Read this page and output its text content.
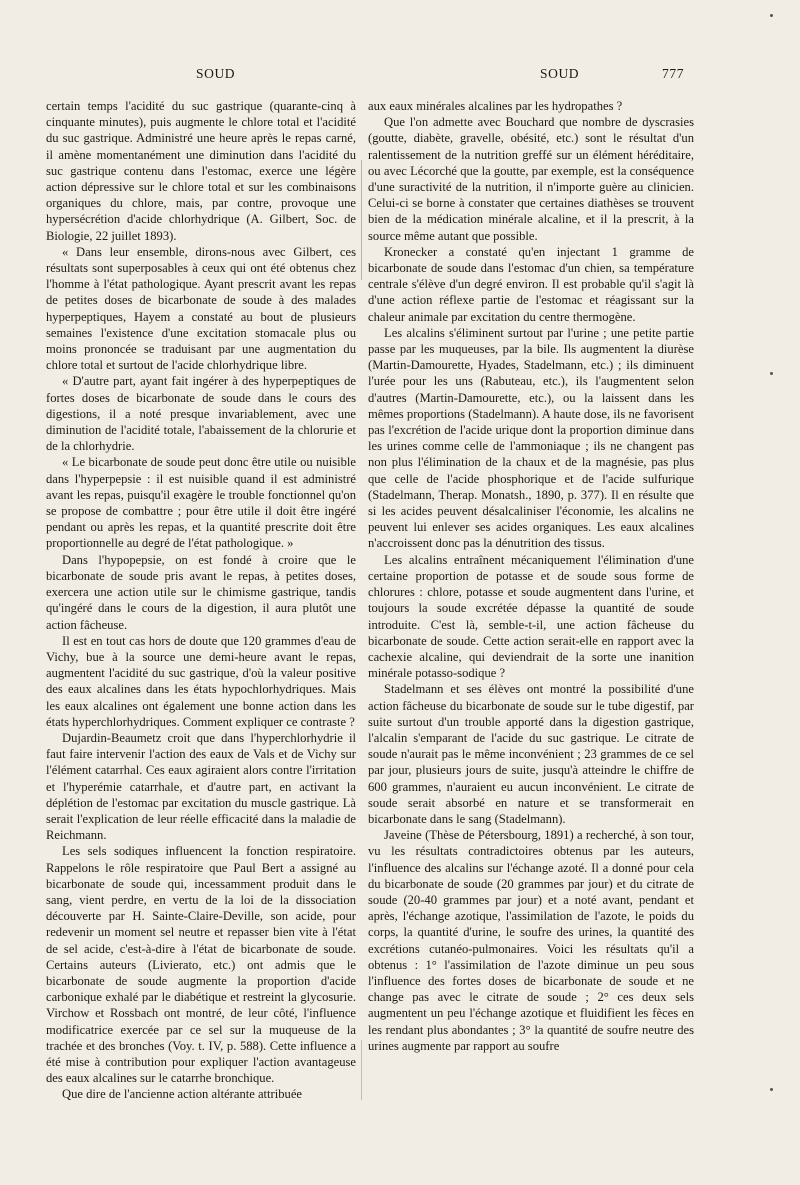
SOUD	SOUD	777

certain temps l'acidité du suc gastrique (quarante-cinq à cinquante minutes), puis augmente le chlore total et l'acidité du suc gastrique. Administré une heure après le repas carné, il amène momentanément une diminution dans l'acidité du suc gastrique contenu dans l'estomac, exerce une légère action dépressive sur le chlore total et sur les combinaisons organiques du chlore, mais, par contre, provoque une hypersécrétion d'acide chlorhydrique (A. Gilbert, Soc. de Biologie, 22 juillet 1893).

« Dans leur ensemble, dirons-nous avec Gilbert, ces résultats sont superposables à ceux qui ont été obtenus chez l'homme à l'état pathologique. Ayant prescrit avant les repas de petites doses de bicarbonate de soude à des malades hyperpeptiques, Hayem a constaté au bout de plusieurs semaines l'existence d'une excitation stomacale plus ou moins prononcée se traduisant par une augmentation du chlore total et surtout de l'acide chlorhydrique libre.

« D'autre part, ayant fait ingérer à des hyperpeptiques de fortes doses de bicarbonate de soude dans le cours des digestions, il a noté presque invariablement, avec une diminution de l'acidité totale, l'abaissement de la chlorurie et de la chlorhydrie.

« Le bicarbonate de soude peut donc être utile ou nuisible dans l'hyperpepsie : il est nuisible quand il est administré avant les repas, puisqu'il exagère le trouble fonctionnel qu'on se propose de combattre ; pour être utile il doit être ingéré pendant ou après les repas, et la quantité prescrite doit être proportionnelle au degré de l'état pathologique. »

Dans l'hypopepsie, on est fondé à croire que le bicarbonate de soude pris avant le repas, à petites doses, exercera une action utile sur le chimisme gastrique, tandis qu'ingéré dans le cours de la digestion, il aura plutôt une action fâcheuse.

Il est en tout cas hors de doute que 120 grammes d'eau de Vichy, bue à la source une demi-heure avant le repas, augmentent l'acidité du suc gastrique, d'où la valeur positive des eaux alcalines dans les états hypochlorhydriques. Mais les eaux alcalines ont également une bonne action dans les états hyperchlorhydriques. Comment expliquer ce contraste ?

Dujardin-Beaumetz croit que dans l'hyperchlorhydrie il faut faire intervenir l'action des eaux de Vals et de Vichy sur l'élément catarrhal. Ces eaux agiraient alors contre l'irritation et l'hyperémie catarrhale, et d'autre part, en activant la déplétion de l'estomac par excitation du muscle gastrique. Là serait l'explication de leur réelle efficacité dans la maladie de Reichmann.

Les sels sodiques influencent la fonction respiratoire. Rappelons le rôle respiratoire que Paul Bert a assigné au bicarbonate de soude qui, incessamment produit dans le sang, vient perdre, en vertu de la loi de la dissociation découverte par H. Sainte-Claire-Deville, son acide, pour redevenir un moment sel neutre et repasser bien vite à l'état de sel acide, c'est-à-dire à l'état de bicarbonate de soude. Certains auteurs (Livierato, etc.) ont admis que le bicarbonate de soude augmente la proportion d'acide carbonique exhalé par le diabétique et restreint la glycosurie. Virchow et Rossbach ont montré, de leur côté, l'influence modificatrice exercée par ce sel sur la muqueuse de la trachée et des bronches (Voy. t. IV, p. 588). Cette influence a été mise à contribution pour expliquer l'action avantageuse des eaux alcalines sur le catarrhe bronchique.

Que dire de l'ancienne action altérante attribuée

aux eaux minérales alcalines par les hydropathes ?

Que l'on admette avec Bouchard que nombre de dyscrasies (goutte, diabète, gravelle, obésité, etc.) sont le résultat d'un ralentissement de la nutrition greffé sur un élément héréditaire, ou avec Lécorché que la goutte, par exemple, est la conséquence d'une suractivité de la nutrition, il n'importe guère au clinicien. Celui-ci se borne à constater que certaines diathèses se trouvent bien de la médication minérale alcaline, et il la prescrit, à la source même autant que possible.

Kronecker a constaté qu'en injectant 1 gramme de bicarbonate de soude dans l'estomac d'un chien, sa température centrale s'élève d'un degré environ. Il est probable qu'il s'agit là d'une action réflexe partie de l'estomac et réagissant sur la chaleur animale par excitation du centre thermogène.

Les alcalins s'éliminent surtout par l'urine ; une petite partie passe par les muqueuses, par la bile. Ils augmentent la diurèse (Martin-Damourette, Hyades, Stadelmann, etc.) ; ils diminuent l'urée pour les uns (Rabuteau, etc.), ils l'augmentent selon d'autres (Martin-Damourette, etc.), ou la laissent dans les mêmes proportions (Stadelmann). A haute dose, ils ne favorisent pas l'excrétion de l'acide urique dont la proportion diminue dans les urines comme celle de l'ammoniaque ; ils ne changent pas non plus l'élimination de la chaux et de la magnésie, pas plus que celle de l'acide phosphorique et de l'acide sulfurique (Stadelmann, Therap. Monatsh., 1890, p. 377). Il en résulte que si les acides peuvent désalcaliniser l'économie, les alcalins ne peuvent lui enlever ses acides organiques. Les eaux alcalines n'accroissent donc pas la dénutrition des tissus.

Les alcalins entraînent mécaniquement l'élimination d'une certaine proportion de potasse et de soude sous forme de chlorures : chlore, potasse et soude augmentent dans l'urine, et toujours la soude excrétée dépasse la quantité de soude introduite. C'est là, semble-t-il, une action fâcheuse du bicarbonate de soude. Cette action serait-elle en rapport avec la cachexie alcaline, qui deviendrait de la sorte une inanition minérale potasso-sodique ?

Stadelmann et ses élèves ont montré la possibilité d'une action fâcheuse du bicarbonate de soude sur le tube digestif, par suite surtout d'un trouble apporté dans la digestion gastrique, l'alcalin s'emparant de l'acide du suc gastrique. Le citrate de soude n'aurait pas le même inconvénient ; 23 grammes de ce sel par jour, plusieurs jours de suite, jusqu'à atteindre le chiffre de 600 grammes, n'auraient eu aucun inconvénient. Le citrate de soude serait absorbé en nature et se transformerait en bicarbonate dans le sang (Stadelmann).

Javeine (Thèse de Pétersbourg, 1891) a recherché, à son tour, vu les résultats contradictoires obtenus par les auteurs, l'influence des alcalins sur l'échange azoté. Il a donné pour cela du bicarbonate de soude (20 grammes par jour) et du citrate de soude (20-40 grammes par jour) et a noté avant, pendant et après, l'échange azotique, l'assimilation de l'azote, le poids du corps, la quantité d'urine, le soufre des urines, la quantité des excrétions cutanéo-pulmonaires. Voici les résultats qu'il a obtenus : 1° l'assimilation de l'azote diminue un peu sous l'influence des fortes doses de bicarbonate de soude et ne change pas avec le citrate de soude ; 2° ces deux sels augmentent un peu l'échange azotique et fluidifient les fèces en les rendant plus abondantes ; 3° la quantité de soufre neutre des urines augmente par rapport au soufre
